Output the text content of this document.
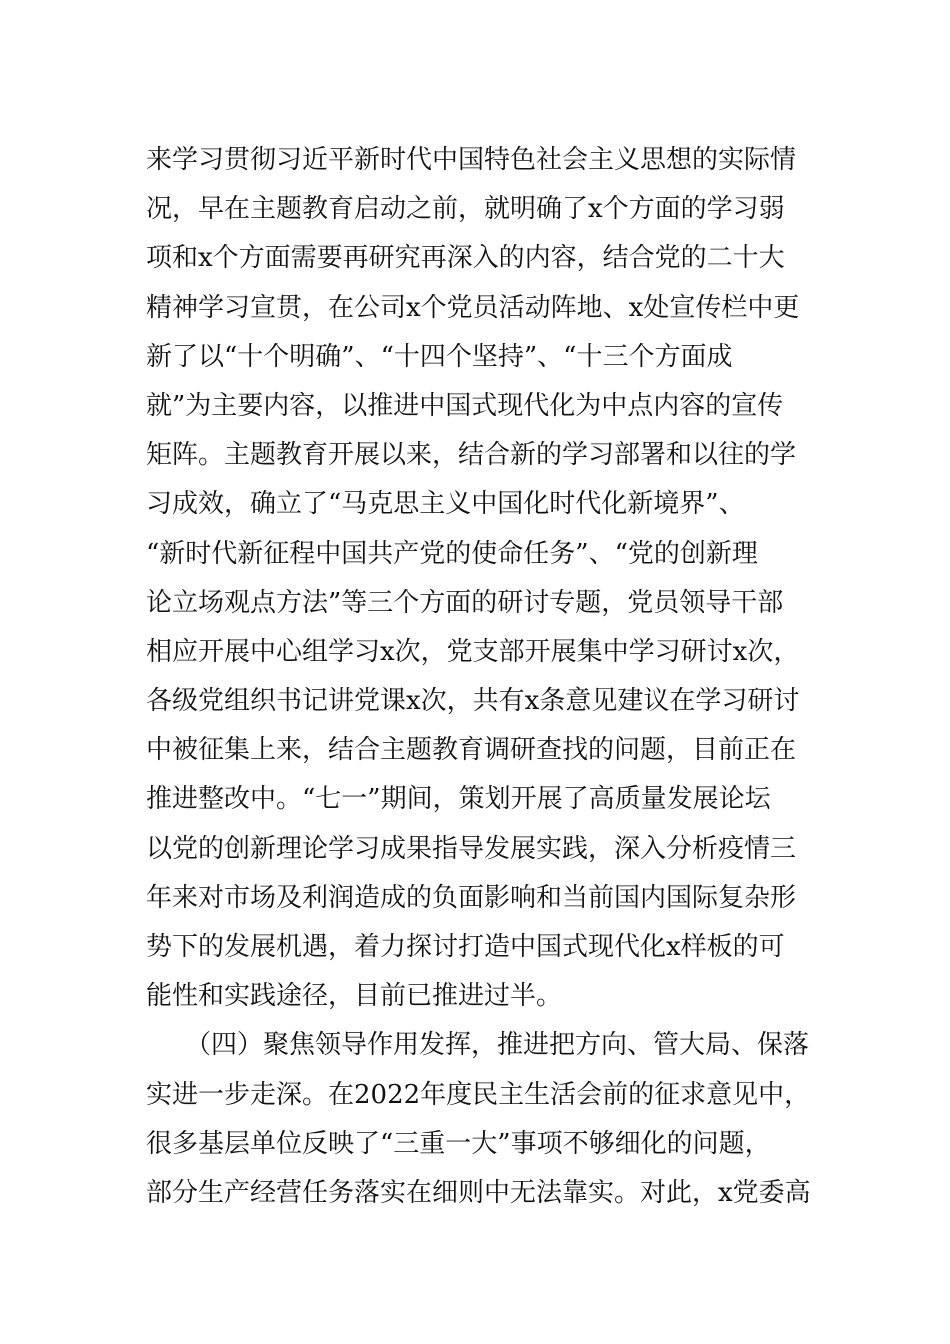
来学习贯彻习近平新时代中国特色社会主义思想的实际情
况，早在主题教育启动之前，就明确了x个方面的学习弱
项和x个方面需要再研究再深入的内容，结合党的二十大
精神学习宣贯，在公司x个党员活动阵地、x处宣传栏中更
新了以“十个明确”、“十四个坚持”、“十三个方面成
就”为主要内容，以推进中国式现代化为中点内容的宣传
矩阵。主题教育开展以来，结合新的学习部署和以往的学
习成效，确立了“马克思主义中国化时代化新境界”、
“新时代新征程中国共产党的使命任务”、“党的创新理
论立场观点方法”等三个方面的研讨专题，党员领导干部
相应开展中心组学习x次，党支部开展集中学习研讨x次，
各级党组织书记讲党课x次，共有x条意见建议在学习研讨
中被征集上来，结合主题教育调研查找的问题，目前正在
推进整改中。“七一”期间，策划开展了高质量发展论坛
以党的创新理论学习成果指导发展实践，深入分析疫情三
年来对市场及利润造成的负面影响和当前国内国际复杂形
势下的发展机遇，着力探讨打造中国式现代化x样板的可
能性和实践途径，目前已推进过半。
　　（四）聚焦领导作用发挥，推进把方向、管大局、保落
实进一步走深。在2022年度民主生活会前的征求意见中，
很多基层单位反映了“三重一大”事项不够细化的问题，
部分生产经营任务落实在细则中无法靠实。对此，x党委高
